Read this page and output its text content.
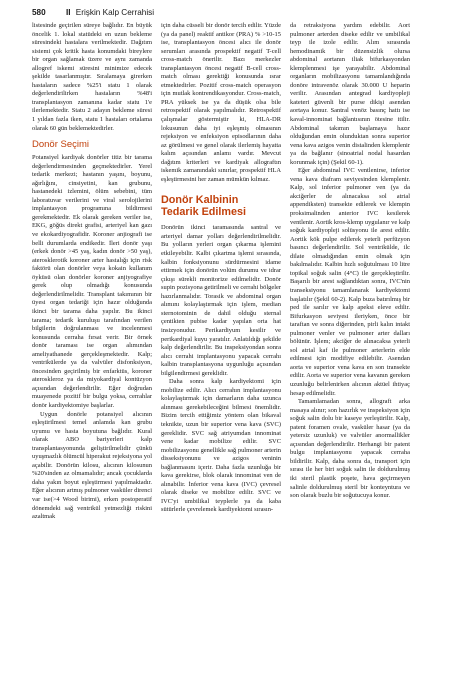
580 II Erişkin Kalp Cerrahisi

listesinde geçirilen süreye bağlıdır. En büyük öncelik 1. lokal statüdeki en uzun bekleme süresindeki hastalara verilmektedir. Dağıtım sistemi çok kritik hasta konumdaki bireylere bir organ sağlamak üzere ve aynı zamanda allogref iskemi süresini minimize edecek şekilde tasarlanmıştır. Sıralamaya girerken hastaların sadece %25'i statu 1 olarak değerlendirilirken hastaların %48'i transplantasyon zamanına kadar statu 1'e ilerlemektedir. Statu 2 adayın bekleme süresi 1 yıldan fazla iken, statu 1 hastaları ortalama olarak 60 gün beklemektedirler.

Donör Seçimi

Potansiyel kardiyak donörler titiz bir tarama değerlendirmesinden geçmektedirler. Yerel tedarik merkezi; hastanın yaşını, boyunu, ağırlığını, cinsiyetini, kan grubunu, hastanedeki izlemini, ölüm sebebini, tüm laboratuvar verilerini ve viral serolojilerini implantasyon programına bildirmesi gerekmektedir. Ek olarak gereken veriler ise, EKG, göğüs direkt grafisi, arteriyel kan gazı ve ekokardiyografidir. Koroner anjiografi ise belli durumlarda endikedir. İleri donör yaşı (erkek donör >45 yaş, kadın donör >50 yaş), aterosklerotik koroner arter hastalığı için risk faktörü olan donörler veya kokain kullanım öyküsü olan donörler koroner anjiyografiye gerek olup olmadığı konusunda değerlendirilmelidir. Transplant takımının bir üyesi organ tedariği için hazır olduğunda ikinci bir tarama daha yapılır. Bu ikinci tarama; tedarik kuruluşu tarafından verilen bilgilerin doğrulanması ve incelenmesi konusunda cerraha fırsat verir. Bir örnek donör taraması ise organ alımından ameliyathanede gerçekleşmektedir. Kalp; ventrikülerde ya da valvüler disfonksiyon, öncesinden geçirilmiş bir enfarktüs, koroner ateroskleroz ya da miyokardiyal kontüzyon açısından değerlendirilir. Eğer doğrudan muayenede pozitif bir bulgu yoksa, cerrahlar donör kardiyektomiye başlarlar.

Uygun donörle potansiyel alıcının eşleştirilmesi temel anlamda kan grubu uyumu ve hasta boyutuna bağlıdır. Kural olarak ABO bariyerleri kalp transplantasyonunda geliştirilmelidir çünkü uyuşmazlık ölümcül hiperakut rejeksiyona yol açabilir. Donörün kilosu, alıcının kilosunun %20'sinden az olmamalıdır; ancak çocuklarda daha yakın boyut eşleştirmesi yapılmaktadır. Eğer alıcının artmış pulmoner vasküler direnci var ise(>4 Wood birimi), erken postoperatif dönemdeki sağ ventrikül yetmezliği riskini azaltmak

için daha cüsseli bir donör tercih edilir. Yüzde (ya da panel) reaktif antikor (PRA) % >10-15 ise, transplantasyon öncesi alıcı ile donör serumları arasında prospektif negatif T-cell cross-match önerilir. Bazı merkezler transplantasyon öncesi negatif B-cell cross-match olması gerektiği konusunda ısrar etmektedirler. Pozitif cross-match operasyon için mutlak kontrendikasyondur. Cross-match, PRA yüksek ise ya da düşük olsa bile retrospektif olarak yapılmalıdır. Retrospektif çalışmalar göstermiştir ki, HLA-DR lokusunun daha iyi eşleşmiş olmasının rejeksiyon ve enfeksiyon episodlarının daha az görülmesi ve genel olarak ilerlemiş hayatta kalım açısından anlamı vardır. Mevcut dağıtım kriterleri ve kardiyak allograftın iskemik zamanındaki sınırlar, prospektif HLA eşleştirmesini her zaman mümkün kılmaz.

Donör Kalbinin
Tedarik Edilmesi

Donörün ikinci taramasında santral ve arteriyel damar yolları değerlendirilmelidir. Bu yolların yerleri organ çıkarma işlemini etkileyebilir. Kalbi çıkartma işlemi sırasında, kalbin fonksiyonunu sürdürmesini idame ettirmek için donörün volüm durumu ve idrar çıkışı sürekli monitorize edilmelidir. Donör supin pozisyona getirilmeli ve cerrahi bölgeler hazırlanmalıdır. Torasik ve abdominal organ alımını kolaylaştırmak için işlem, median sternotominin de dahil olduğu sternal çentikten pubise kadar yapılan orta hat insizyonudur. Perikardiyum kesilir ve perikardiyal kuyu yaratılır. Anlatıldığı şekilde kalp değerlendirilir. Bu inspeksiyondan sonra alıcı cerrahi implantasyonu yapacak cerrahı kalbin transplantasyona uygunluğu açısından bilgilendirmesi gereklidir.

Daha sonra kalp kardiyektomi için mobilize edilir. Alıcı cerrahın implantasyonu kolaylaştırmak için damarların daha uzunca alınması gerekebileceğini bilmesi önemlidir. Bizim tercih ettiğimiz yöntem olan bikaval teknikte, uzun bir superior vena kava (SVC) gereklidir. SVC sağ atriyumdan innominat vene kadar mobilize edilir. SVC mobilizasyonu genellikle sağ pulmoner arterin disseksiyonunu ve azigos veninin bağlanmasını içerir. Daha fazla uzunluğa bir kava gerekirse, blok olarak innominat ven de alınabilir. İnferior vena kava (IVC) çevresel olarak diseke ve mobilize edilir. SVC ve IVC'yi umbilikal teyplerle ya da kaba sütürlerle çevrelemek kardiyektomi sırasın-

da retraksiyona yardım edebilir. Aort pulmoner arterden diseke edilir ve umbilikal teyp ile izole edilir. Alım sırasında hemodinamik bir düzensizlik olursa abdominal aortanın iliak bifurkasyondan klemplenmesi işe yarayabilir. Abdominal organların mobilizasyonu tamamlandığında donöre intravenöz olarak 30.000 U heparin verilir. Arasından antegrad kardiyopleji kateteri güvenli bir purse dikişi asendan aortaya konur. Santral venöz basınç hattı ise kaval-innominat bağlantısının ötesine itilir. Abdominal takımın başlamaya hazır olduğundan emin olunduktan sonra superior vena kava azigos venin distalinden klemplenir ya da bağlanır (sinoatrial nodal hasardan korunmak için) (Şekil 60-1).

Eğer abdominal IVC ventlenirse, inferior vena kava diafram seviyesinden klemplenir. Kalp, sol inferior pulmoner ven (ya da akciğerler de alınacaksa sol atrial appendiksten) transekte edilerek ve klempin proksimalinden anterior IVC kesilerek ventlenir. Aortik kros-klemp uygulanır ve kalp soğuk kardiyopleji solüsyonu ile arest edilir. Aortik kök pulpe edilerek yeterli perfüzyon basıncı değerlendirilir. Sol ventrikülde, ilc dilate olmadığından emin olmak için bakılmalıdır. Kalbin hızlı soğutulması 10 litre topikal soğuk salin (4°C) ile gerçekleştirilir. Başarılı bir arest sağlandıktan sonra, IVC'nin transeksiyonu tamamlanarak kardiyektomi başlatılır (Şekil 60-2). Kalp buza batırılmış bir ped ile sarılır ve kalp apeksi eleve edilir. Bifurkasyon seviyesi ileriyken, önce bir taraftan ve sonra diğerinden, pirli kalın intakt pulmoner venler ve pulmoner arter dalları bölünür. İşlem; akciğer de alınacaksa yeterli sol atrial kaf ile pulmoner arterlerin elde edilmesi için modifiye edilebilir. Asendan aorta ve superior vena kava en son transekte edilir. Aorta ve superior vena kavanın gereken uzunluğu belirlenirken alıcının aktüel ihtiyaç hesap edilmelidir.

Tamamlamadan sonra, allograft arka masaya alınır; son hazırlık ve inspeksiyon için soğuk salin dolu bir kaseye yerleştirilir. Kalp, patent foramen ovale, vasküler hasar (ya da yetersiz uzunluk) ve valvüler anormallikler açısından değerlendirilir. Herhangi bir patent bulgu implantasyonu yapacak cerraha bildirilir. Kalp, daha sonra da, transport için sırası ile her biri soğuk salin ile doldurulmuş iki steril plastik poşete, hava geçirmeyen salinle doldurulmuş steril bir konteyntura ve son olarak buzlu bir soğutucuya konur.
